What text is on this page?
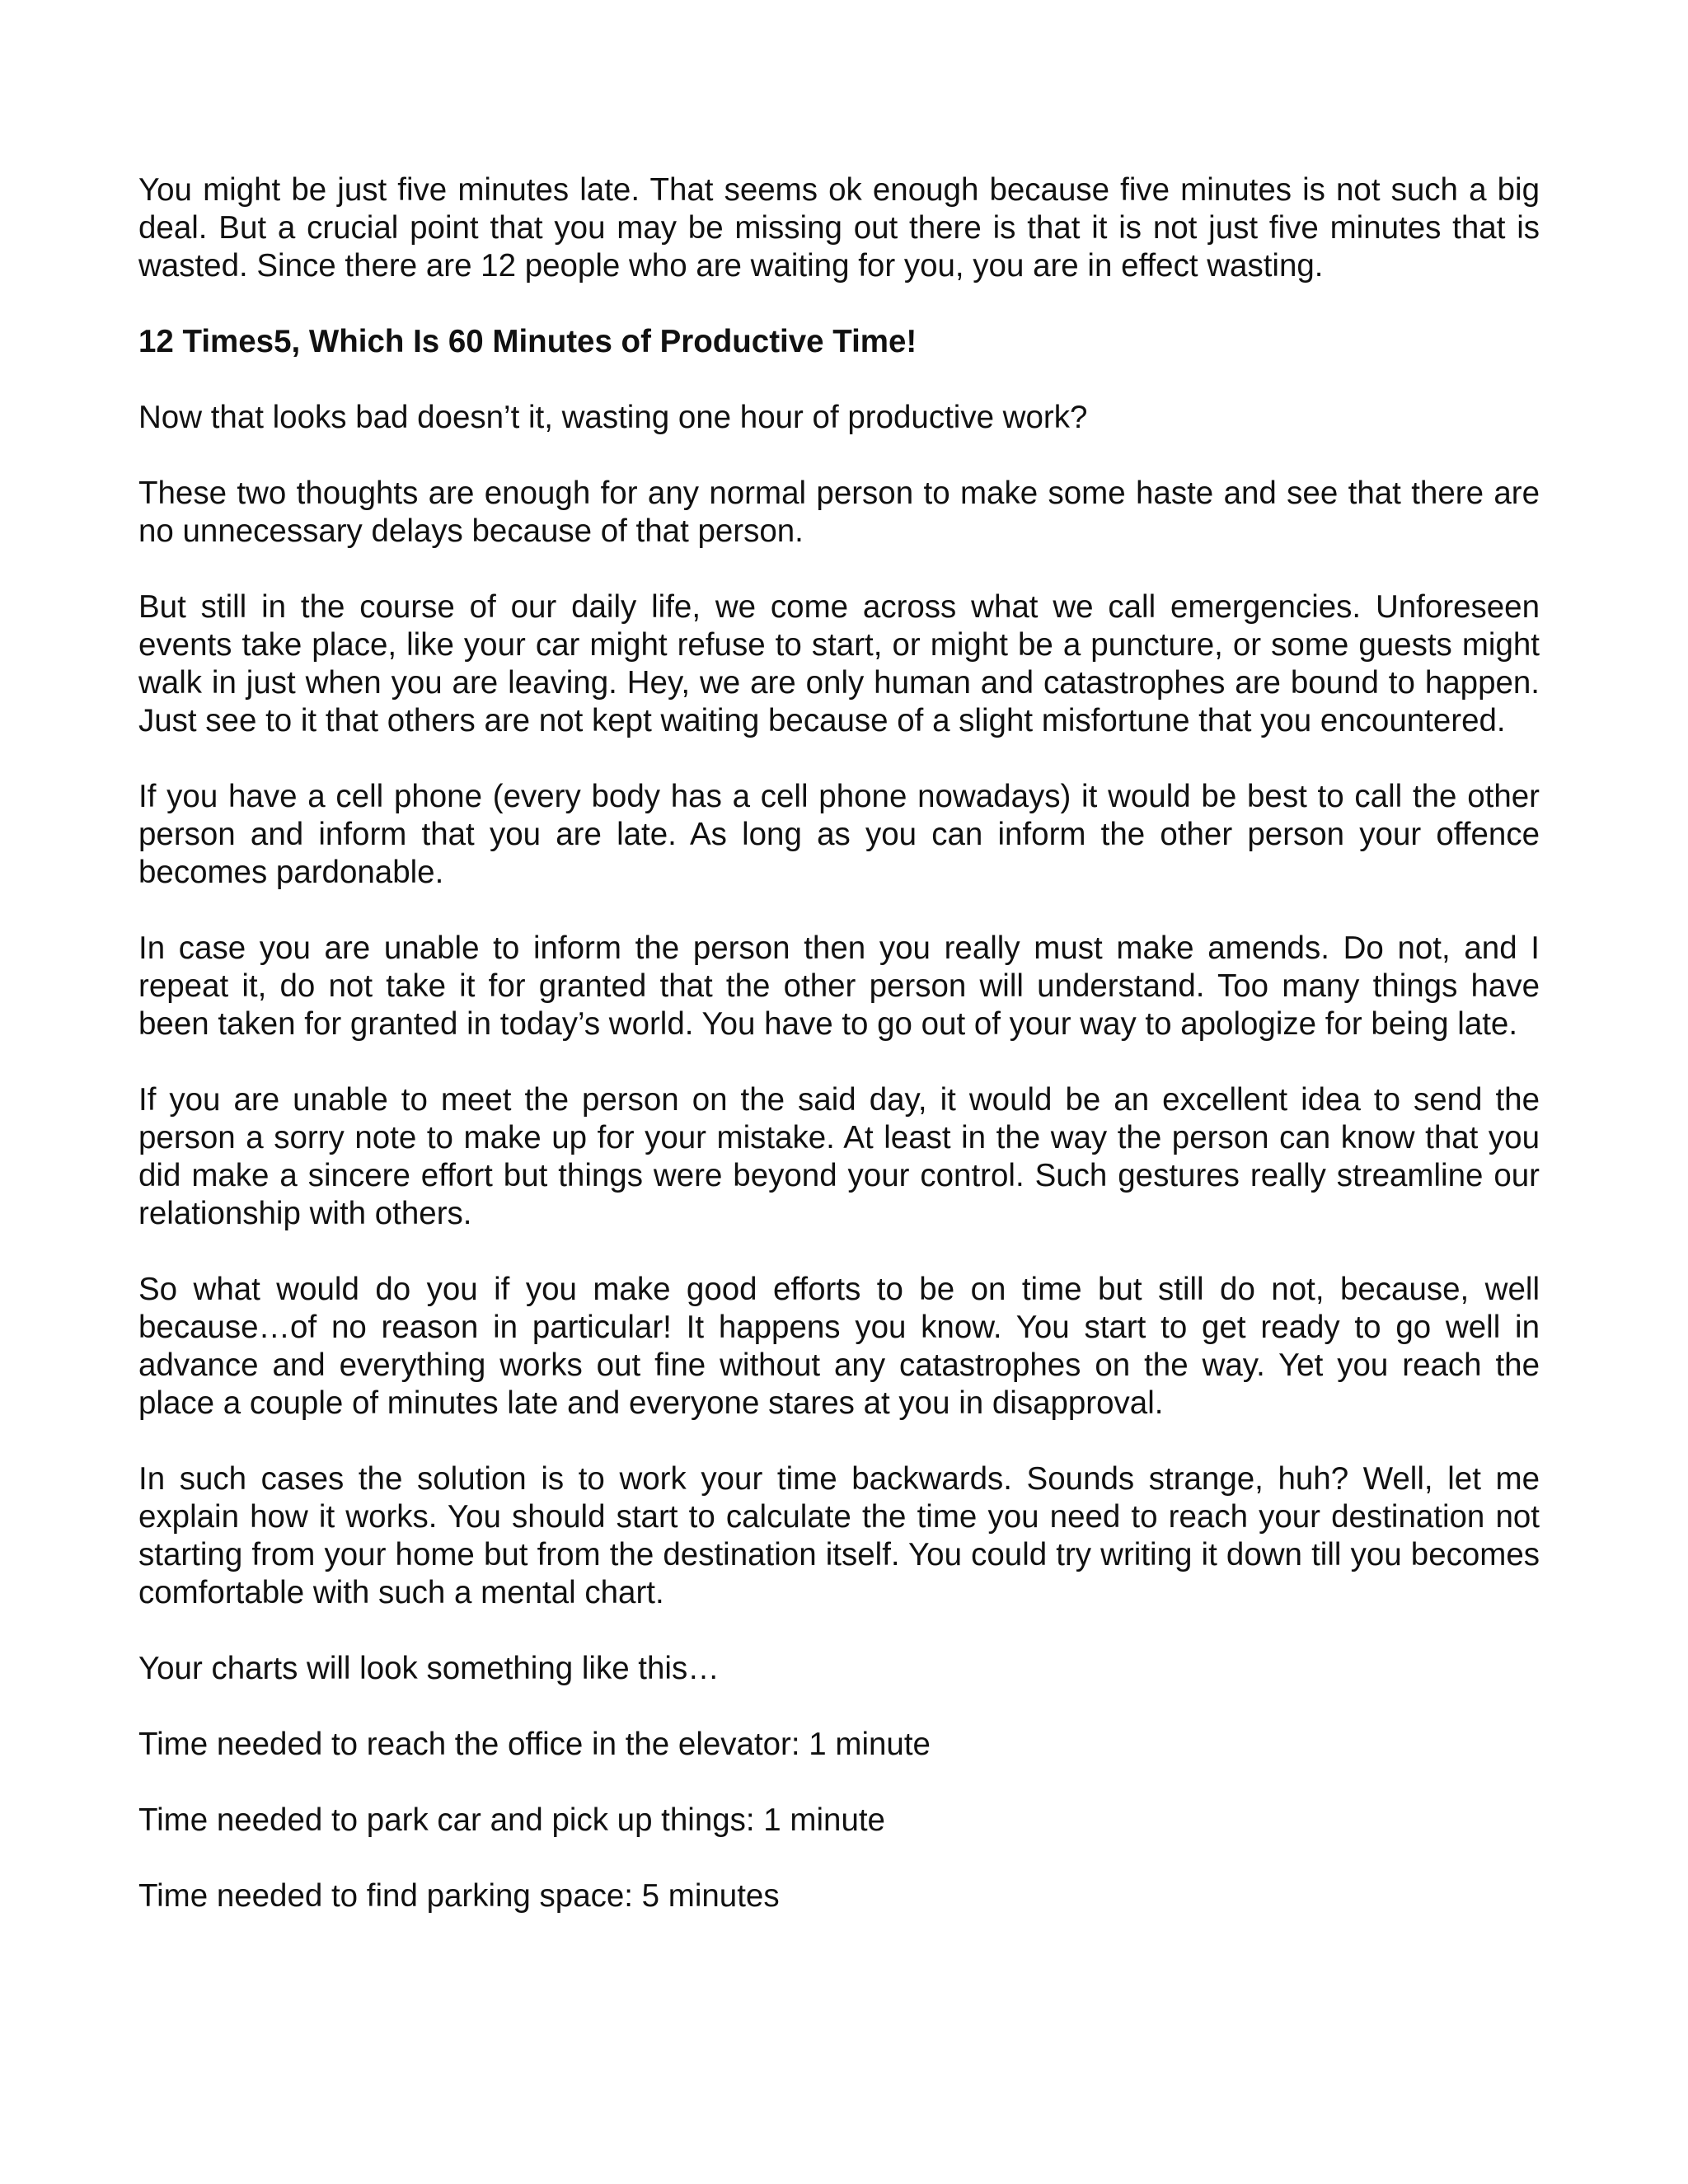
You might be just five minutes late. That seems ok enough because five minutes is not such a big deal. But a crucial point that you may be missing out there is that it is not just five minutes that is wasted. Since there are 12 people who are waiting for you, you are in effect wasting.

12 Times5, Which Is 60 Minutes of Productive Time!

Now that looks bad doesn’t it, wasting one hour of productive work?

These two thoughts are enough for any normal person to make some haste and see that there are no unnecessary delays because of that person.

But still in the course of our daily life, we come across what we call emergencies. Unforeseen events take place, like your car might refuse to start, or might be a puncture, or some guests might walk in just when you are leaving. Hey, we are only human and catastrophes are bound to happen. Just see to it that others are not kept waiting because of a slight misfortune that you encountered.

If you have a cell phone (every body has a cell phone nowadays) it would be best to call the other person and inform that you are late. As long as you can inform the other person your offence becomes pardonable.

In case you are unable to inform the person then you really must make amends. Do not, and I repeat it, do not take it for granted that the other person will understand. Too many things have been taken for granted in today’s world. You have to go out of your way to apologize for being late.

If you are unable to meet the person on the said day, it would be an excellent idea to send the person a sorry note to make up for your mistake. At least in the way the person can know that you did make a sincere effort but things were beyond your control. Such gestures really streamline our relationship with others.

So what would do you if you make good efforts to be on time but still do not, because, well because…of no reason in particular! It happens you know. You start to get ready to go well in advance and everything works out fine without any catastrophes on the way. Yet you reach the place a couple of minutes late and everyone stares at you in disapproval.

In such cases the solution is to work your time backwards. Sounds strange, huh? Well, let me explain how it works. You should start to calculate the time you need to reach your destination not starting from your home but from the destination itself. You could try writing it down till you becomes comfortable with such a mental chart.

Your charts will look something like this…

Time needed to reach the office in the elevator: 1 minute

Time needed to park car and pick up things: 1 minute

Time needed to find parking space: 5 minutes
